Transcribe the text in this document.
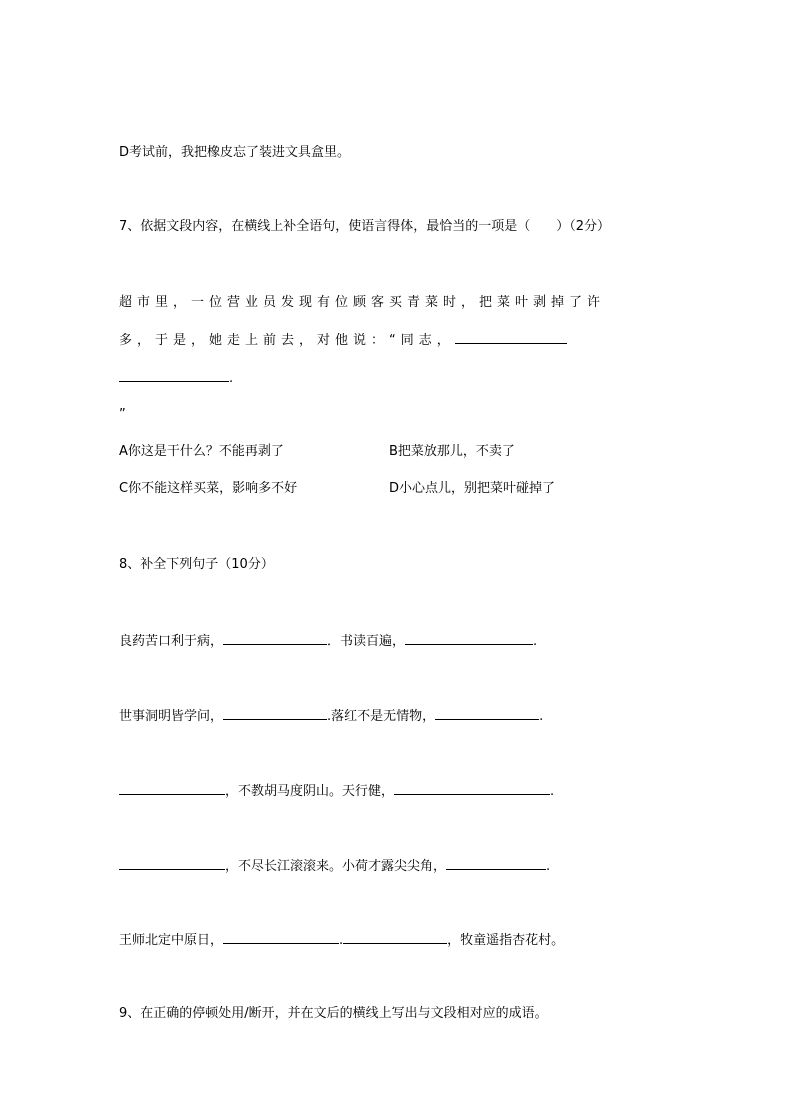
D考试前，我把橡皮忘了装进文具盒里。
7、依据文段内容，在横线上补全语句，使语言得体，最恰当的一项是（　　）（2分）
超市里，一位营业员发现有位顾客买青菜时，把菜叶剥掉了许
多，于是，她走上前去，对他说：“同志，
.
”
A你这是干什么？不能再剥了	B把菜放那儿，不卖了
C你不能这样买菜，影响多不好	D小心点儿，别把菜叶碰掉了
8、补全下列句子（10分）
良药苦口利于病，	．书读百遍，	.
世事洞明皆学问，	.落红不是无情物，	.
，不教胡马度阴山。天行健，	.
，不尽长江滚滚来。小荷才露尖尖角，	.
王师北定中原日，	.	，牧童遥指杏花村。
9、在正确的停顿处用/断开，并在文后的横线上写出与文段相对应的成语。
